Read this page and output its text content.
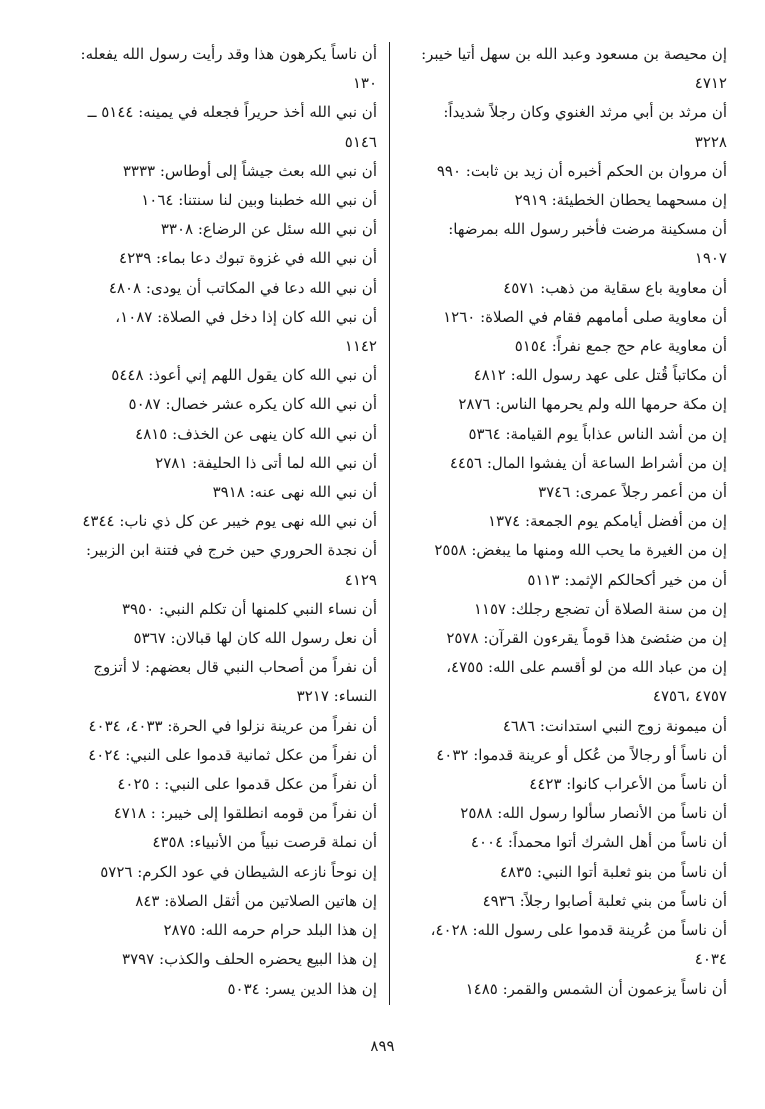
إن محيصة بن مسعود وعبد الله بن سهل أتيا خيبر:
٤٧١٢
أن مرثد بن أبي مرثد الغنوي وكان رجلاً شديداً:
٣٢٢٨
أن مروان بن الحكم أخبره أن زيد بن ثابت: ٩٩٠
إن مسحهما يحطان الخطيئة: ٢٩١٩
أن مسكينة مرضت فأخبر رسول الله بمرضها:
١٩٠٧
أن معاوية باع سقاية من ذهب: ٤٥٧١
أن معاوية صلى أمامهم فقام في الصلاة: ١٢٦٠
أن معاوية عام حج جمع نفراً: ٥١٥٤
أن مكاتباً قُتل على عهد رسول الله: ٤٨١٢
إن مكة حرمها الله ولم يحرمها الناس: ٢٨٧٦
إن من أشد الناس عذاباً يوم القيامة: ٥٣٦٤
إن من أشراط الساعة أن يفشوا المال: ٤٤٥٦
أن من أعمر رجلاً عمرى: ٣٧٤٦
إن من أفضل أيامكم يوم الجمعة: ١٣٧٤
إن من الغيرة ما يحب الله ومنها ما يبغض: ٢٥٥٨
أن من خير أكحالكم الإثمد: ٥١١٣
إن من سنة الصلاة أن تضجع رجلك: ١١٥٧
إن من ضئضئ هذا قوماً يقرءون القرآن: ٢٥٧٨
إن من عباد الله من لو أقسم على الله: ٤٧٥٥،
٤٧٥٧ ،٤٧٥٦
أن ميمونة زوج النبي استدانت: ٤٦٨٦
أن ناساً أو رجالاً من عُكل أو عرينة قدموا: ٤٠٣٢
أن ناساً من الأعراب كانوا: ٤٤٢٣
أن ناساً من الأنصار سألوا رسول الله: ٢٥٨٨
أن ناساً من أهل الشرك أتوا محمداً: ٤٠٠٤
أن ناساً من بنو ثعلبة أتوا النبي: ٤٨٣٥
أن ناساً من بني ثعلبة أصابوا رجلاً: ٤٩٣٦
أن ناساً من عُرينة قدموا على رسول الله: ٤٠٢٨،
٤٠٣٤
أن ناساً يزعمون أن الشمس والقمر: ١٤٨٥
أن ناساً يكرهون هذا وقد رأيت رسول الله يفعله:
١٣٠
أن نبي الله أخذ حريراً فجعله في يمينه: ٥١٤٤ ــ
٥١٤٦
أن نبي الله بعث جيشاً إلى أوطاس: ٣٣٣٣
أن نبي الله خطبنا وبين لنا سنتنا: ١٠٦٤
أن نبي الله سئل عن الرضاع: ٣٣٠٨
أن نبي الله في غزوة تبوك دعا بماء: ٤٢٣٩
أن نبي الله دعا في المكاتب أن يودى: ٤٨٠٨
أن نبي الله كان إذا دخل في الصلاة: ١٠٨٧،
١١٤٢
أن نبي الله كان يقول اللهم إني أعوذ: ٥٤٤٨
أن نبي الله كان يكره عشر خصال: ٥٠٨٧
أن نبي الله كان ينهى عن الخذف: ٤٨١٥
أن نبي الله لما أتى ذا الحليفة: ٢٧٨١
أن نبي الله نهى عنه: ٣٩١٨
أن نبي الله نهى يوم خيبر عن كل ذي ناب: ٤٣٤٤
أن نجدة الحروري حين خرج في فتنة ابن الزبير:
٤١٢٩
أن نساء النبي كلمنها أن تكلم النبي: ٣٩٥٠
أن نعل رسول الله كان لها قبالان: ٥٣٦٧
أن نفراً من أصحاب النبي قال بعضهم: لا أتزوج
النساء: ٣٢١٧
أن نفراً من عرينة نزلوا في الحرة: ٤٠٣٣، ٤٠٣٤
أن نفراً من عكل ثمانية قدموا على النبي: ٤٠٢٤
أن نفراً من عكل قدموا على النبي: : ٤٠٢٥
أن نفراً من قومه انطلقوا إلى خيبر: : ٤٧١٨
أن نملة قرصت نبياً من الأنبياء: ٤٣٥٨
إن نوحاً نازعه الشيطان في عود الكرم: ٥٧٢٦
إن هاتين الصلاتين من أثقل الصلاة: ٨٤٣
إن هذا البلد حرام حرمه الله: ٢٨٧٥
إن هذا البيع يحضره الحلف والكذب: ٣٧٩٧
إن هذا الدين يسر: ٥٠٣٤
٨٩٩
